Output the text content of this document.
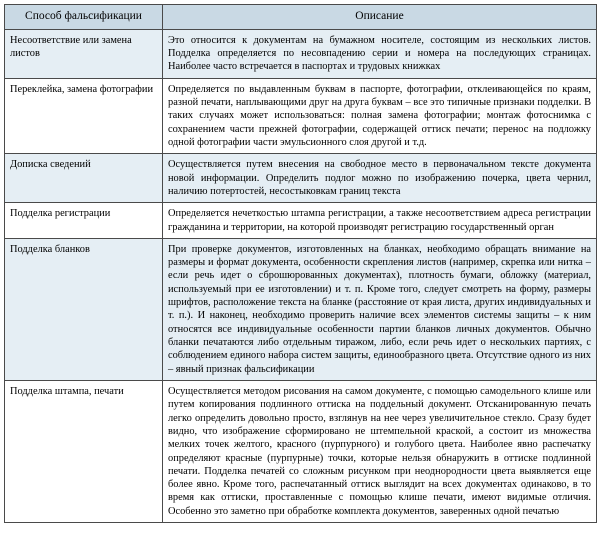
Способ фальсификации	Описание
Несоответствие или замена листов	Это относится к документам на бумажном носителе, состоящим из нескольких листов. Подделка определяется по несовпадению серии и номера на последующих страницах. Наиболее часто встречается в паспортах и трудовых книжках
Переклейка, замена фотографии	Определяется по выдавленным буквам в паспорте, фотографии, отклеивающейся по краям, разной печати, наплывающими друг на друга буквам – все это типичные признаки подделки. В таких случаях может использоваться: полная замена фотографии; монтаж фотоснимка с сохранением части прежней фотографии, содержащей оттиск печати; перенос на подложку одной фотографии части эмульсионного слоя другой и т.д.
Дописка сведений	Осуществляется путем внесения на свободное место в первоначальном тексте документа новой информации. Определить подлог можно по изображению почерка, цвета чернил, наличию потертостей, несостыковкам границ текста
Подделка регистрации	Определяется нечеткостью штампа регистрации, а также несоответствием адреса регистрации гражданина и территории, на которой производят регистрацию государственный орган
Подделка бланков	При проверке документов, изготовленных на бланках, необходимо обращать внимание на размеры и формат документа, особенности скрепления листов (например, скрепка или нитка – если речь идет о сброшюрованных документах), плотность бумаги, обложку (материал, используемый при ее изготовлении) и т. п. Кроме того, следует смотреть на форму, размеры шрифтов, расположение текста на бланке (расстояние от края листа, других индивидуальных и т. п.). И наконец, необходимо проверить наличие всех элементов системы защиты – к ним относятся все индивидуальные особенности партии бланков личных документов. Обычно бланки печатаются либо отдельным тиражом, либо, если речь идет о нескольких партиях, с соблюдением единого набора систем защиты, единообразного цвета. Отсутствие одного из них – явный признак фальсификации
Подделка штампа, печати	Осуществляется методом рисования на самом документе, с помощью самодельного клише или путем копирования подлинного оттиска на поддельный документ. Отсканированную печать легко определить довольно просто, взглянув на нее через увеличительное стекло. Сразу будет видно, что изображение сформировано не штемпельной краской, а состоит из множества мелких точек желтого, красного (пурпурного) и голубого цвета. Наиболее явно распечатку определяют красные (пурпурные) точки, которые нельзя обнаружить в оттиске подлинной печати. Подделка печатей со сложным рисунком при неоднородности цвета выявляется еще более явно. Кроме того, распечатанный оттиск выглядит на всех документах одинаково, в то время как оттиски, проставленные с помощью клише печати, имеют видимые отличия. Особенно это заметно при обработке комплекта документов, заверенных одной печатью
